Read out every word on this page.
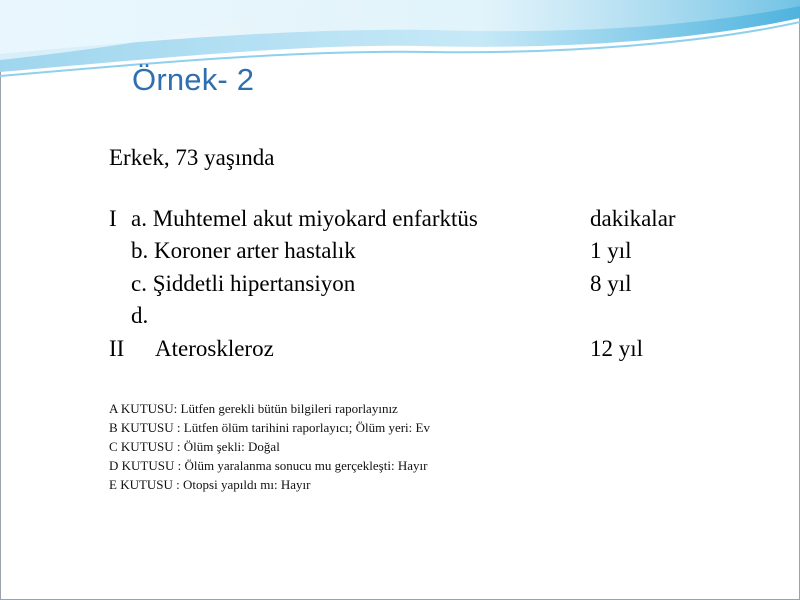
Örnek- 2
Erkek, 73 yaşında
I a. Muhtemel akut miyokard enfarktüs	dakikalar
b. Koroner arter hastalık	1 yıl
c. Şiddetli hipertansiyon	8 yıl
d.
II Ateroskleroz	12 yıl
A KUTUSU: Lütfen gerekli bütün bilgileri raporlayınız
B KUTUSU : Lütfen ölüm tarihini raporlayıcı; Ölüm yeri: Ev
C KUTUSU : Ölüm şekli: Doğal
D KUTUSU : Ölüm yaralanma sonucu mu gerçekleşti: Hayır
E KUTUSU : Otopsi yapıldı mı: Hayır
